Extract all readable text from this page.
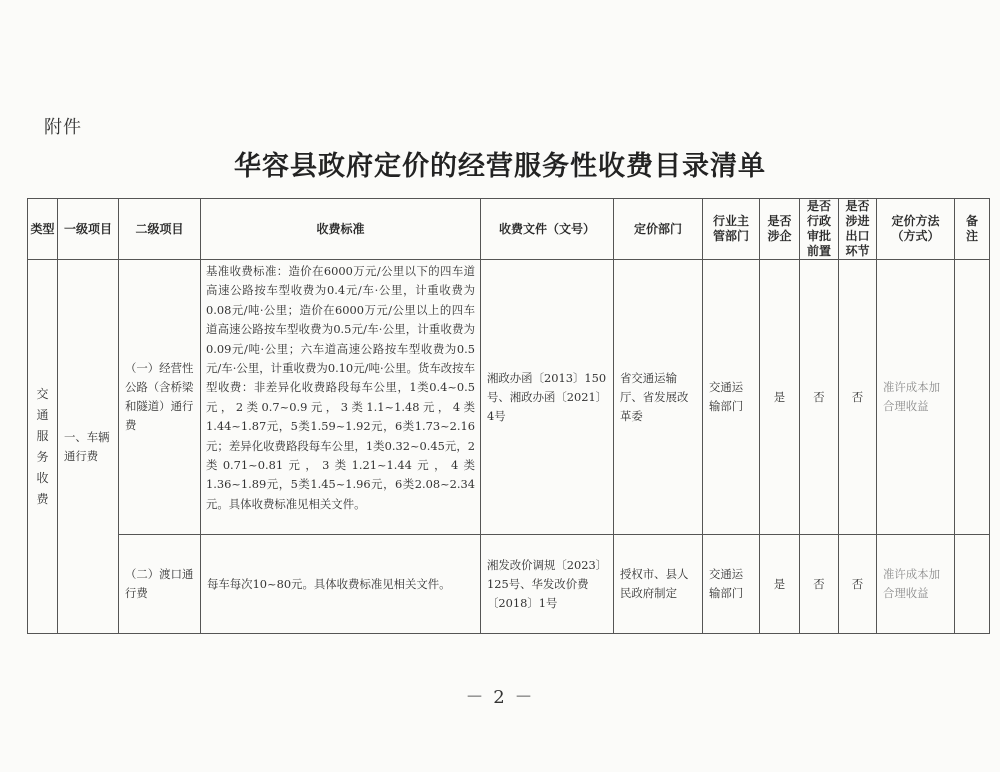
附件
华容县政府定价的经营服务性收费目录清单
类型	一级项目	二级项目	收费标准	收费文件（文号）	定价部门	行业主管部门	是否涉企	是否行政审批前置	是否涉进出口环节	定价方法（方式）	备注
交通服务收费	一、车辆通行费	（一）经营性公路（含桥梁和隧道）通行费	基准收费标准：造价在6000万元/公里以下的四车道高速公路按车型收费为0.4元/车·公里，计重收费为0.08元/吨·公里；造价在6000万元/公里以上的四车道高速公路按车型收费为0.5元/车·公里，计重收费为0.09元/吨·公里；六车道高速公路按车型收费为0.5元/车·公里，计重收费为0.10元/吨·公里。货车改按车型收费：非差异化收费路段每车公里，1类0.4~0.5元，2类0.7~0.9元，3类1.1~1.48元，4类1.44~1.87元，5类1.59~1.92元，6类1.73~2.16元；差异化收费路段每车公里，1类0.32~0.45元，2类0.71~0.81元，3类1.21~1.44元，4类1.36~1.89元，5类1.45~1.96元，6类2.08~2.34元。具体收费标准见相关文件。	湘政办函〔2013〕150号、湘政办函〔2021〕4号	省交通运输厅、省发展改革委	交通运输部门	是	否	否	准许成本加合理收益	
		（二）渡口通行费	每车每次10~80元。具体收费标准见相关文件。	湘发改价调规〔2023〕125号、华发改价费〔2018〕1号	授权市、县人民政府制定	交通运输部门	是	否	否	准许成本加合理收益	
－ 2 －
